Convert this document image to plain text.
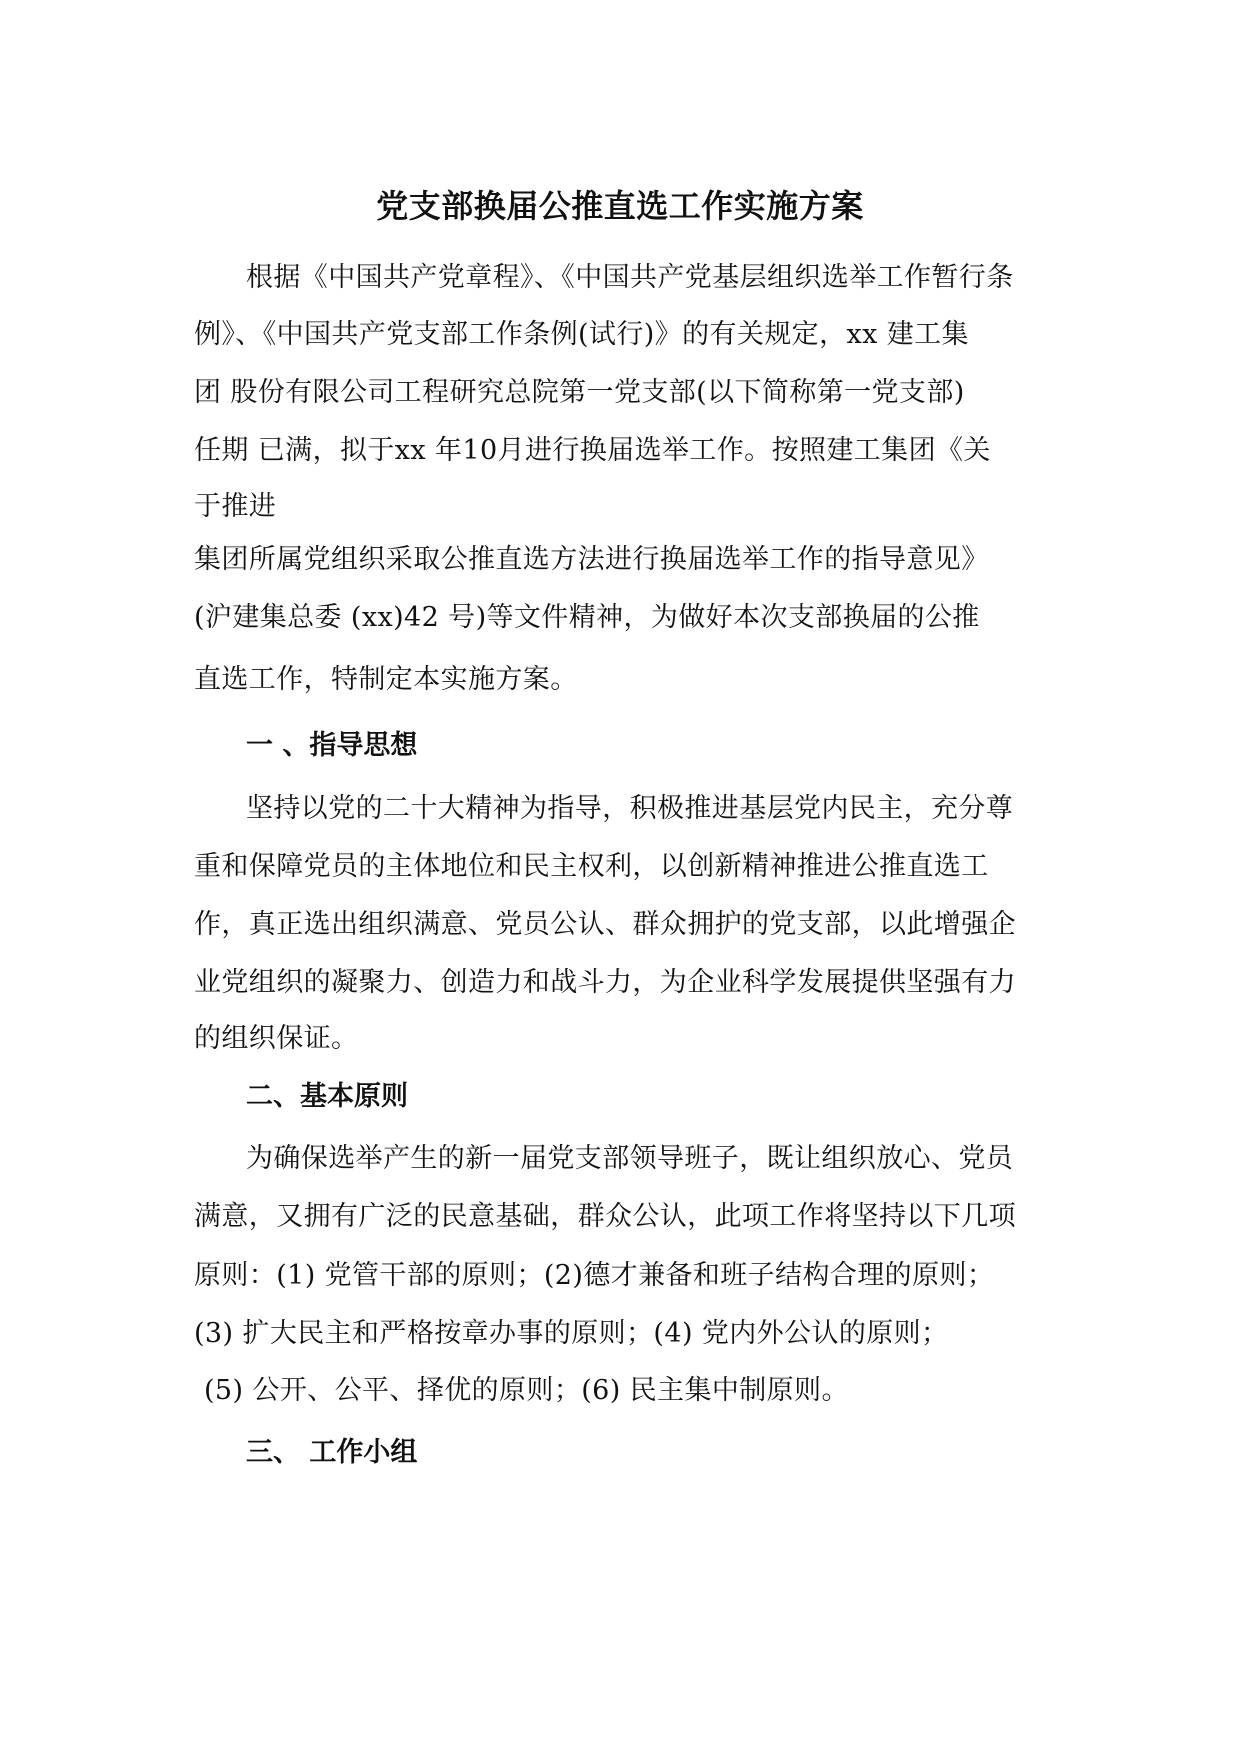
党支部换届公推直选工作实施方案
根据《中国共产党章程》、《中国共产党基层组织选举工作暂行条
例》、《中国共产党支部工作条例(试行)》的有关规定，xx 建工集
团 股份有限公司工程研究总院第一党支部(以下简称第一党支部)
任期 已满，拟于xx 年10月进行换届选举工作。按照建工集团《关
于推进
集团所属党组织采取公推直选方法进行换届选举工作的指导意见》
(沪建集总委 (xx)42 号)等文件精神，为做好本次支部换届的公推
直选工作，特制定本实施方案。
一 、指导思想
坚持以党的二十大精神为指导，积极推进基层党内民主，充分尊
重和保障党员的主体地位和民主权利，以创新精神推进公推直选工
作，真正选出组织满意、党员公认、群众拥护的党支部，以此增强企
业党组织的凝聚力、创造力和战斗力，为企业科学发展提供坚强有力
的组织保证。
二、基本原则
为确保选举产生的新一届党支部领导班子，既让组织放心、党员
满意，又拥有广泛的民意基础，群众公认，此项工作将坚持以下几项
原则：(1) 党管干部的原则；(2)德才兼备和班子结构合理的原则；
(3) 扩大民主和严格按章办事的原则；(4) 党内外公认的原则；
(5) 公开、公平、择优的原则；(6) 民主集中制原则。
三、 工作小组
